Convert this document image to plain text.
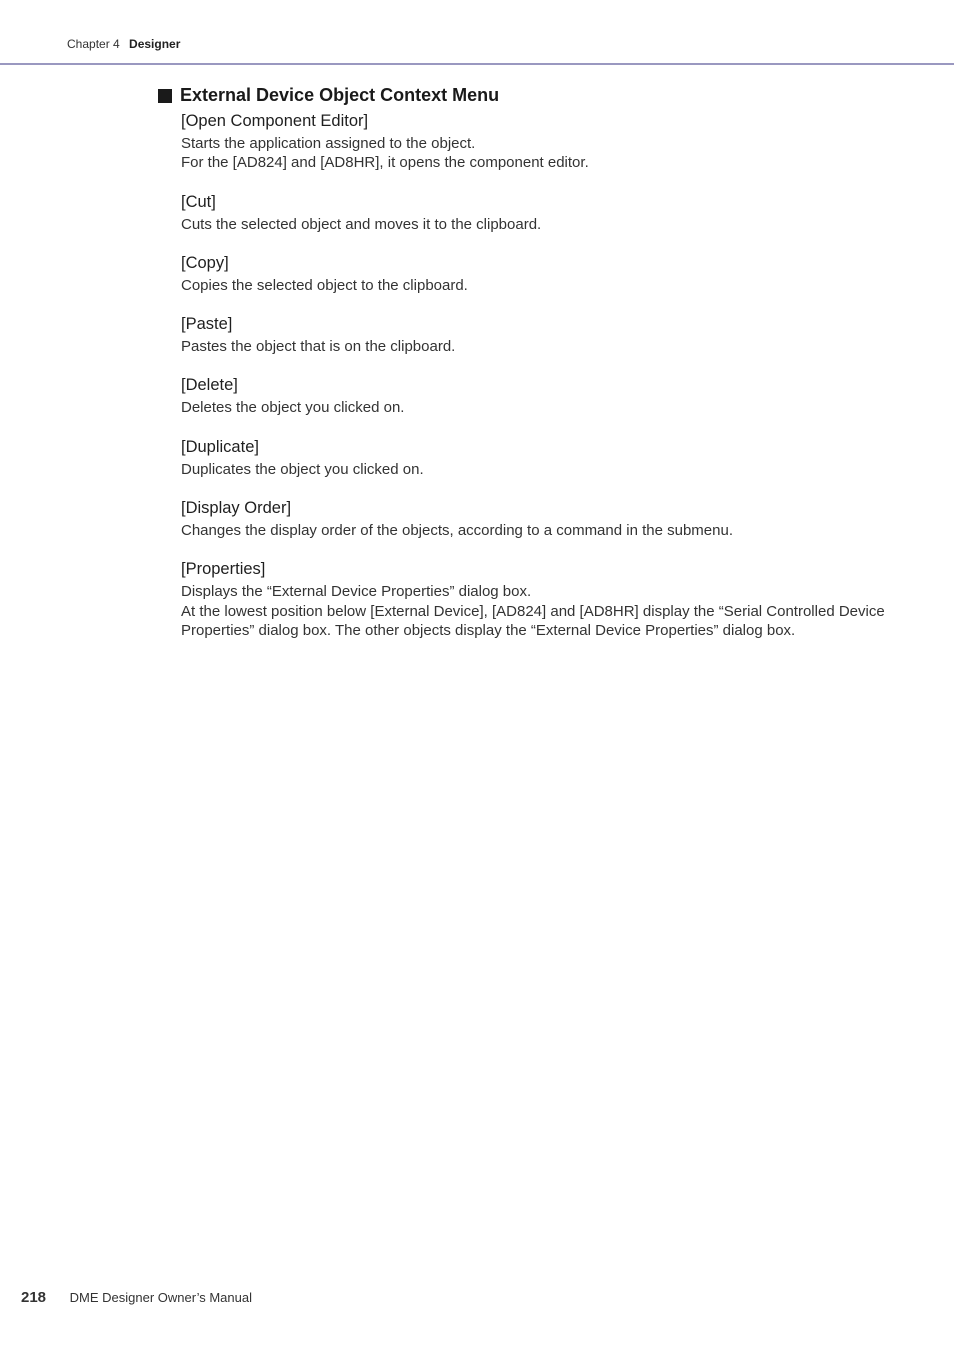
Chapter 4 Designer
External Device Object Context Menu
[Open Component Editor]
Starts the application assigned to the object.
For the [AD824] and [AD8HR], it opens the component editor.
[Cut]
Cuts the selected object and moves it to the clipboard.
[Copy]
Copies the selected object to the clipboard.
[Paste]
Pastes the object that is on the clipboard.
[Delete]
Deletes the object you clicked on.
[Duplicate]
Duplicates the object you clicked on.
[Display Order]
Changes the display order of the objects, according to a command in the submenu.
[Properties]
Displays the “External Device Properties” dialog box.
At the lowest position below [External Device], [AD824] and [AD8HR] display the “Serial Controlled Device Properties” dialog box. The other objects display the “External Device Properties” dialog box.
218 DME Designer Owner’s Manual
